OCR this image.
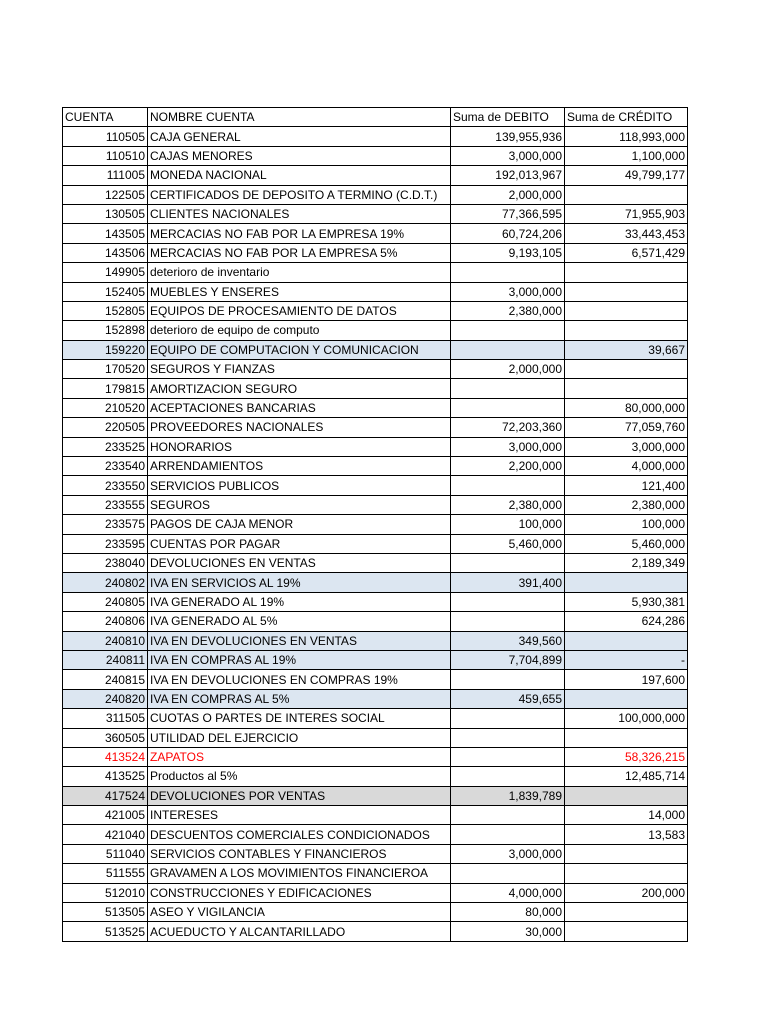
CUENTA	NOMBRE CUENTA	Suma de DEBITO	Suma de CRÉDITO
110505	CAJA GENERAL	139,955,936	118,993,000
110510	CAJAS MENORES	3,000,000	1,100,000
111005	MONEDA NACIONAL	192,013,967	49,799,177
122505	CERTIFICADOS DE DEPOSITO A TERMINO (C.D.T.)	2,000,000	
130505	CLIENTES NACIONALES	77,366,595	71,955,903
143505	MERCACIAS NO FAB POR LA EMPRESA 19%	60,724,206	33,443,453
143506	MERCACIAS NO FAB POR LA EMPRESA 5%	9,193,105	6,571,429
149905	deterioro de inventario		
152405	MUEBLES Y ENSERES	3,000,000	
152805	EQUIPOS DE PROCESAMIENTO DE DATOS	2,380,000	
152898	deterioro de equipo de computo		
159220	EQUIPO DE COMPUTACION Y COMUNICACION		39,667
170520	SEGUROS Y FIANZAS	2,000,000	
179815	AMORTIZACION SEGURO		
210520	ACEPTACIONES BANCARIAS		80,000,000
220505	PROVEEDORES NACIONALES	72,203,360	77,059,760
233525	HONORARIOS	3,000,000	3,000,000
233540	ARRENDAMIENTOS	2,200,000	4,000,000
233550	SERVICIOS PUBLICOS		121,400
233555	SEGUROS	2,380,000	2,380,000
233575	PAGOS DE CAJA MENOR	100,000	100,000
233595	CUENTAS POR PAGAR	5,460,000	5,460,000
238040	DEVOLUCIONES EN VENTAS		2,189,349
240802	IVA EN SERVICIOS AL 19%	391,400	
240805	IVA GENERADO AL 19%		5,930,381
240806	IVA GENERADO AL 5%		624,286
240810	IVA EN DEVOLUCIONES EN VENTAS	349,560	
240811	IVA EN COMPRAS AL 19%	7,704,899	-
240815	IVA EN DEVOLUCIONES EN COMPRAS 19%		197,600
240820	IVA EN COMPRAS AL 5%	459,655	
311505	CUOTAS O PARTES DE INTERES SOCIAL		100,000,000
360505	UTILIDAD DEL EJERCICIO		
413524	ZAPATOS		58,326,215
413525	Productos al 5%		12,485,714
417524	DEVOLUCIONES POR VENTAS	1,839,789	
421005	INTERESES		14,000
421040	DESCUENTOS COMERCIALES CONDICIONADOS		13,583
511040	SERVICIOS CONTABLES Y FINANCIEROS	3,000,000	
511555	GRAVAMEN A LOS MOVIMIENTOS FINANCIEROA		
512010	CONSTRUCCIONES Y EDIFICACIONES	4,000,000	200,000
513505	ASEO Y VIGILANCIA	80,000	
513525	ACUEDUCTO Y ALCANTARILLADO	30,000	
